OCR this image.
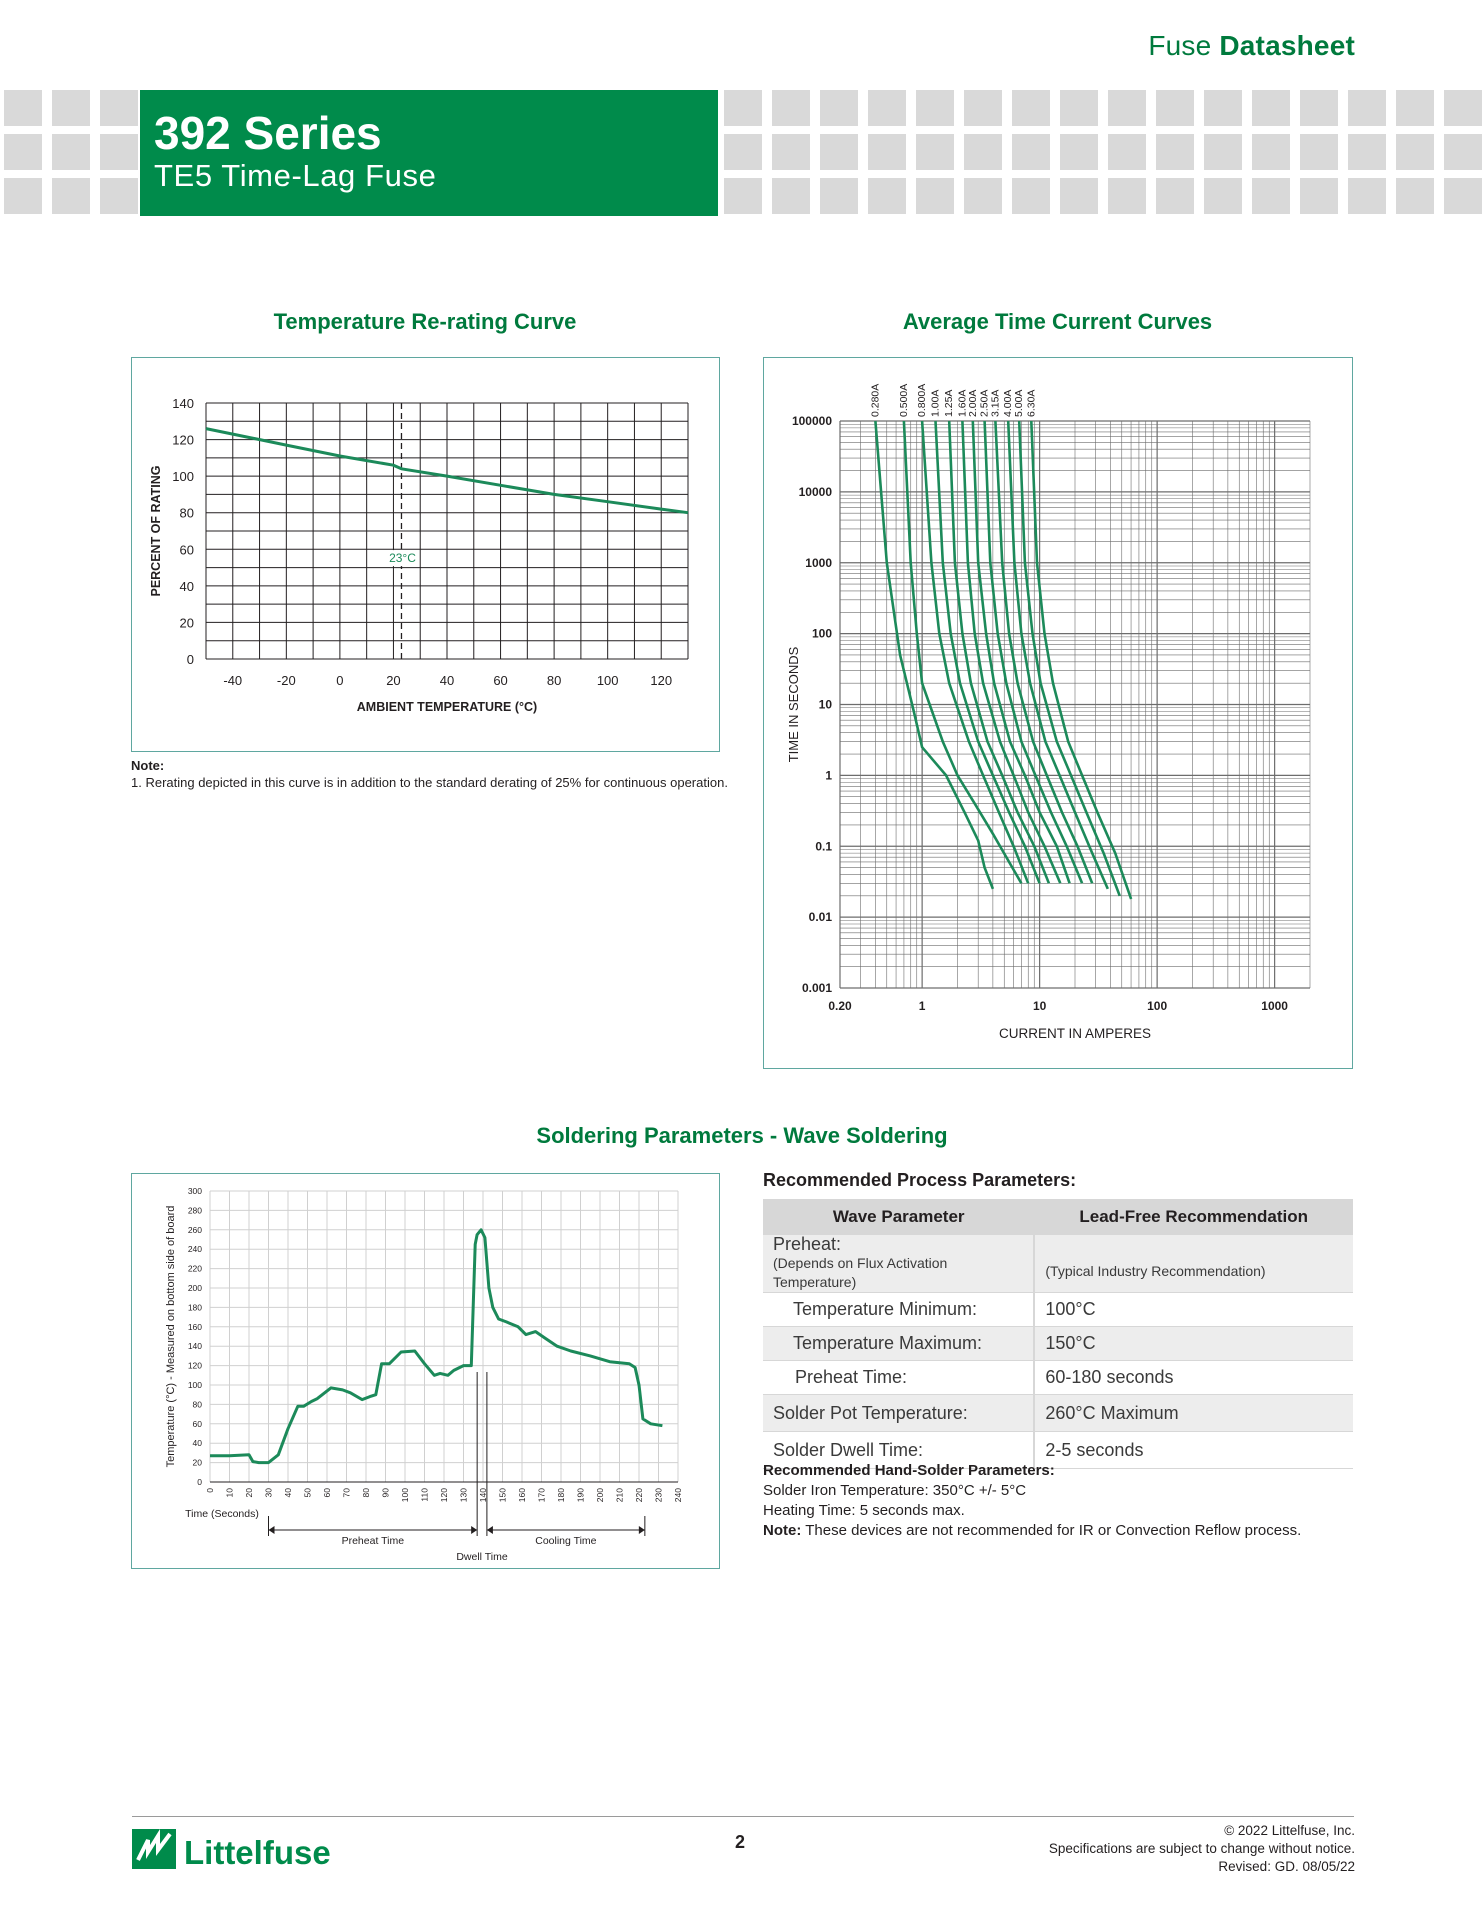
Fuse Datasheet
392 Series
TE5 Time-Lag Fuse
Temperature Re-rating Curve
-40	-20	0	20	40	60	80	100 120
0
20
40
60
80
100
120
140
AMBIENT TEMPERATURE (°C)
PERCENT OF RATING	23°C
Note:
1. Rerating depicted in this curve is in addition to the standard derating of 25% for continuous operation.
Average Time Current Curves
0.20	1	10	100	1000
0.001
0.01
0.1
1
10
100
1000
10000
100000
CURRENT IN AMPERES
TIME IN SECONDS
0.280A 0.500A 0.800A 1.00A 1.25A 1.60A
2.00A 2.50A
3.15A 4.00A 5.00A 6.30A
Soldering Parameters - Wave Soldering
0
20
40
60
80
100
120
140
160
180
200
220
240
260
280
300
0 10 20 30 40 50 60 70 80 90 100 110 120 130 140 150 160 170 180 190 200 210 220 230 240
Temperature (°C) - Measured on bottom side of board
Time (Seconds)
Preheat Time
Dwell Time
Cooling Time
Recommended Process Parameters:
Wave Parameter	Lead-Free Recommendation

Preheat:
(Depends on Flux Activation Temperature)	(Typical Industry Recommendation)

Temperature Minimum:	100°C
Temperature Maximum:	150°C
Preheat Time:	60-180 seconds
Solder Pot Temperature:	260°C Maximum
Solder Dwell Time:	2-5 seconds
Recommended Hand-Solder Parameters:
Solder Iron Temperature: 350°C +/- 5°C
Heating Time: 5 seconds max.
Note: These devices are not recommended for IR or Convection Reflow process.
Littelfuse	2
© 2022 Littelfuse, Inc.
Specifications are subject to change without notice.
Revised: GD. 08/05/22
